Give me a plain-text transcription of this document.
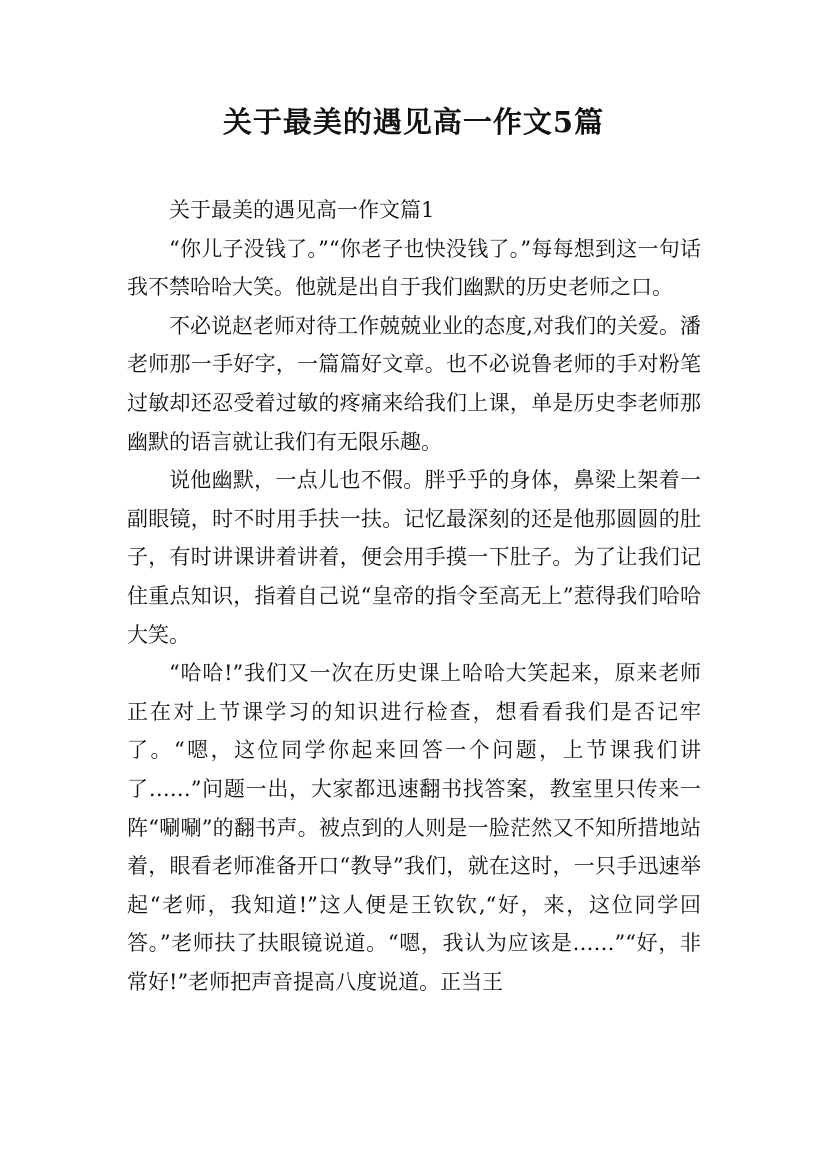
关于最美的遇见高一作文5篇

关于最美的遇见高一作文篇1

“你儿子没钱了。”“你老子也快没钱了。”每每想到这一句话我不禁哈哈大笑。他就是出自于我们幽默的历史老师之口。

不必说赵老师对待工作兢兢业业的态度,对我们的关爱。潘老师那一手好字，一篇篇好文章。也不必说鲁老师的手对粉笔过敏却还忍受着过敏的疼痛来给我们上课，单是历史李老师那幽默的语言就让我们有无限乐趣。

说他幽默，一点儿也不假。胖乎乎的身体，鼻梁上架着一副眼镜，时不时用手扶一扶。记忆最深刻的还是他那圆圆的肚子，有时讲课讲着讲着，便会用手摸一下肚子。为了让我们记住重点知识，指着自己说“皇帝的指令至高无上”惹得我们哈哈大笑。

“哈哈!”我们又一次在历史课上哈哈大笑起来，原来老师正在对上节课学习的知识进行检查，想看看我们是否记牢了。“嗯，这位同学你起来回答一个问题，上节课我们讲了……”问题一出，大家都迅速翻书找答案，教室里只传来一阵“唰唰”的翻书声。被点到的人则是一脸茫然又不知所措地站着，眼看老师准备开口“教导”我们，就在这时，一只手迅速举起“老师，我知道!”这人便是王钦钦,“好，来，这位同学回答。”老师扶了扶眼镜说道。“嗯，我认为应该是……”“好，非常好!”老师把声音提高八度说道。正当王
